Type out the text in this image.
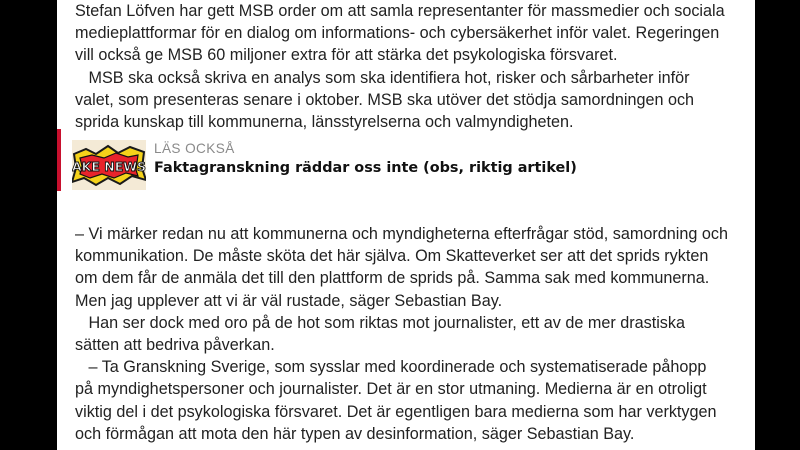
Stefan Löfven har gett MSB order om att samla representanter för massmedier och sociala
medieplattformar för en dialog om informations- och cybersäkerhet inför valet. Regeringen
vill också ge MSB 60 miljoner extra för att stärka det psykologiska försvaret.
MSB ska också skriva en analys som ska identifiera hot, risker och sårbarheter inför
valet, som presenteras senare i oktober. MSB ska utöver det stödja samordningen och
sprida kunskap till kommunerna, länsstyrelserna och valmyndigheten.
AKE NEWS
LÄS OCKSÅ
Faktagranskning räddar oss inte (obs, riktig artikel)
– Vi märker redan nu att kommunerna och myndigheterna efterfrågar stöd, samordning och
kommunikation. De måste sköta det här själva. Om Skatteverket ser att det sprids rykten
om dem får de anmäla det till den plattform de sprids på. Samma sak med kommunerna.
Men jag upplever att vi är väl rustade, säger Sebastian Bay.
Han ser dock med oro på de hot som riktas mot journalister, ett av de mer drastiska
sätten att bedriva påverkan.
– Ta Granskning Sverige, som sysslar med koordinerade och systematiserade påhopp
på myndighetspersoner och journalister. Det är en stor utmaning. Medierna är en otroligt
viktig del i det psykologiska försvaret. Det är egentligen bara medierna som har verktygen
och förmågan att mota den här typen av desinformation, säger Sebastian Bay.
